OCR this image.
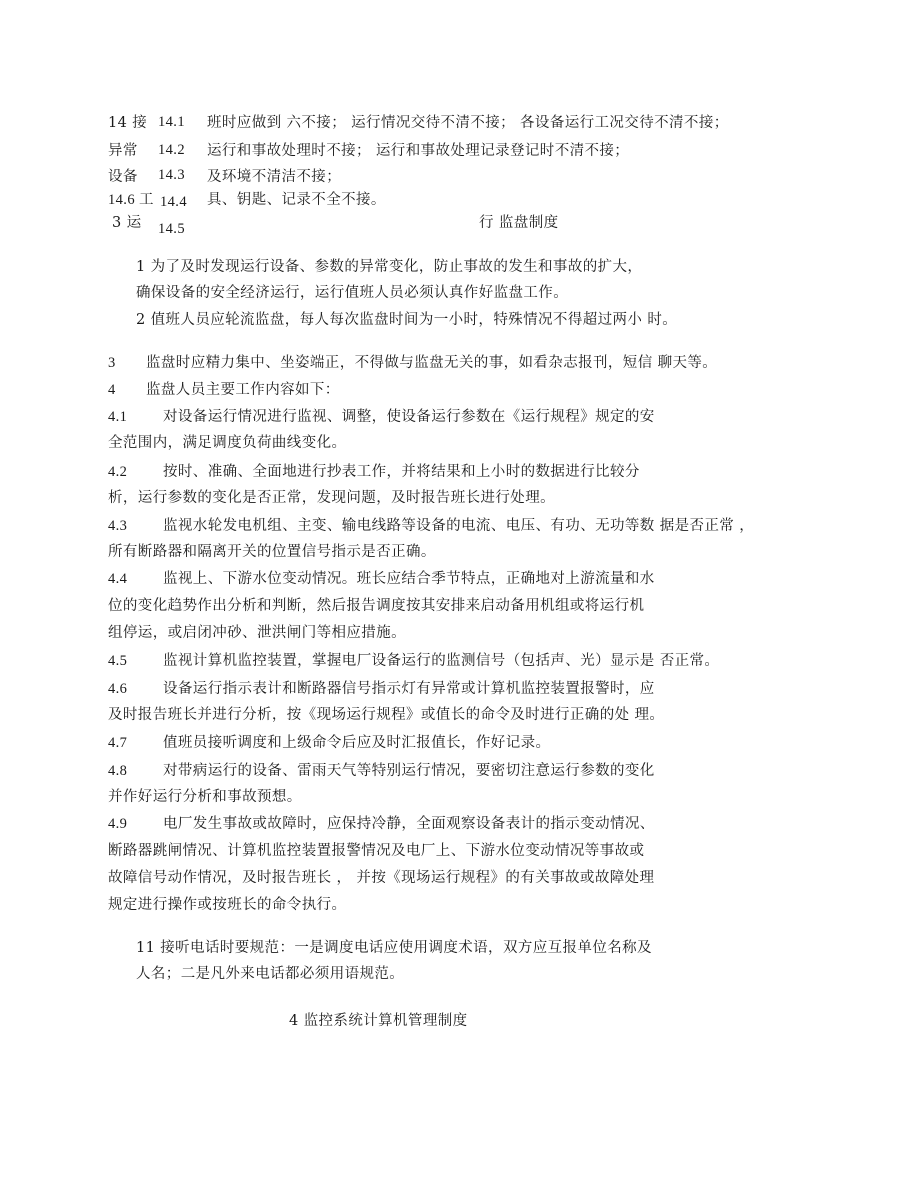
14 接 14.1 班时应做到 六不接； 运行情况交待不清不接； 各设备运行工况交待不清不接；
异常 14.2 运行和事故处理时不接； 运行和事故处理记录登记时不清不接；
设备 14.3 及环境不清洁不接；
14.6 工 14.4 具、钥匙、记录不全不接。
3 运 14.5	行 监盘制度
1 为了及时发现运行设备、参数的异常变化，防止事故的发生和事故的扩大，
确保设备的安全经济运行，运行值班人员必须认真作好监盘工作。
2 值班人员应轮流监盘，每人每次监盘时间为一小时，特殊情况不得超过两小 时。
3 监盘时应精力集中、坐姿端正，不得做与监盘无关的事，如看杂志报刊，短信 聊天等。
4 监盘人员主要工作内容如下：
4.1 对设备运行情况进行监视、调整，使设备运行参数在《运行规程》规定的安
全范围内，满足调度负荷曲线变化。
4.2 按时、准确、全面地进行抄表工作，并将结果和上小时的数据进行比较分
析，运行参数的变化是否正常，发现问题，及时报告班长进行处理。
4.3 监视水轮发电机组、主变、输电线路等设备的电流、电压、有功、无功等数 据是否正常 ，
所有断路器和隔离开关的位置信号指示是否正确。
4.4 监视上、下游水位变动情况。班长应结合季节特点，正确地对上游流量和水
位的变化趋势作出分析和判断，然后报告调度按其安排来启动备用机组或将运行机
组停运，或启闭冲砂、泄洪闸门等相应措施。
4.5 监视计算机监控装置，掌握电厂设备运行的监测信号（包括声、光）显示是 否正常。
4.6 设备运行指示表计和断路器信号指示灯有异常或计算机监控装置报警时，应
及时报告班长并进行分析，按《现场运行规程》或值长的命令及时进行正确的处 理。
4.7 值班员接听调度和上级命令后应及时汇报值长，作好记录。
4.8 对带病运行的设备、雷雨天气等特别运行情况，要密切注意运行参数的变化
并作好运行分析和事故预想。
4.9 电厂发生事故或故障时，应保持冷静，全面观察设备表计的指示变动情况、
断路器跳闸情况、计算机监控装置报警情况及电厂上、下游水位变动情况等事故或
故障信号动作情况，及时报告班长 ， 并按《现场运行规程》的有关事故或故障处理
规定进行操作或按班长的命令执行。
11 接听电话时要规范：一是调度电话应使用调度术语，双方应互报单位名称及
人名；二是凡外来电话都必须用语规范。
4 监控系统计算机管理制度
